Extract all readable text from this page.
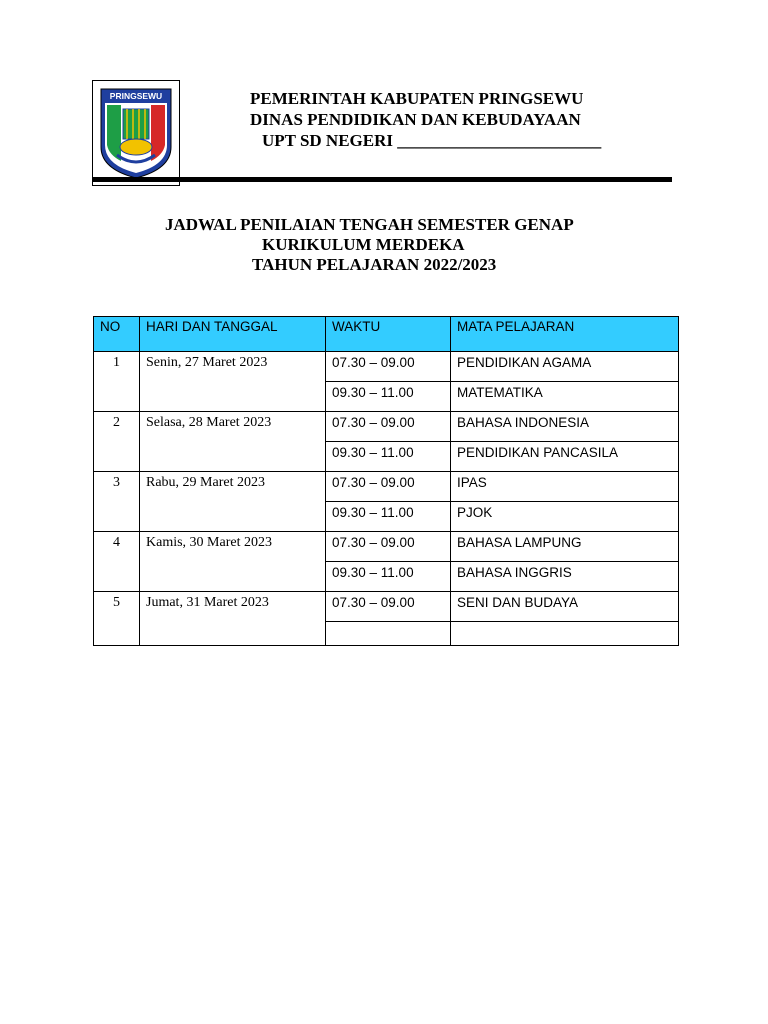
PRINGSEWU	PEMERINTAH KABUPATEN PRINGSEWU
DINAS PENDIDIKAN DAN KEBUDAYAAN
UPT SD NEGERI ________________________
JADWAL PENILAIAN TENGAH SEMESTER GENAP
KURIKULUM MERDEKA
TAHUN PELAJARAN 2022/2023
NO	HARI DAN TANGGAL	WAKTU	MATA PELAJARAN
1	Senin, 27 Maret 2023	07.30 – 09.00	PENDIDIKAN AGAMA
		09.30 – 11.00	MATEMATIKA
2	Selasa, 28 Maret 2023	07.30 – 09.00	BAHASA INDONESIA
		09.30 – 11.00	PENDIDIKAN PANCASILA
3	Rabu, 29 Maret 2023	07.30 – 09.00	IPAS
		09.30 – 11.00	PJOK
4	Kamis, 30 Maret 2023	07.30 – 09.00	BAHASA LAMPUNG
		09.30 – 11.00	BAHASA INGGRIS
5	Jumat, 31 Maret 2023	07.30 – 09.00	SENI DAN BUDAYA
